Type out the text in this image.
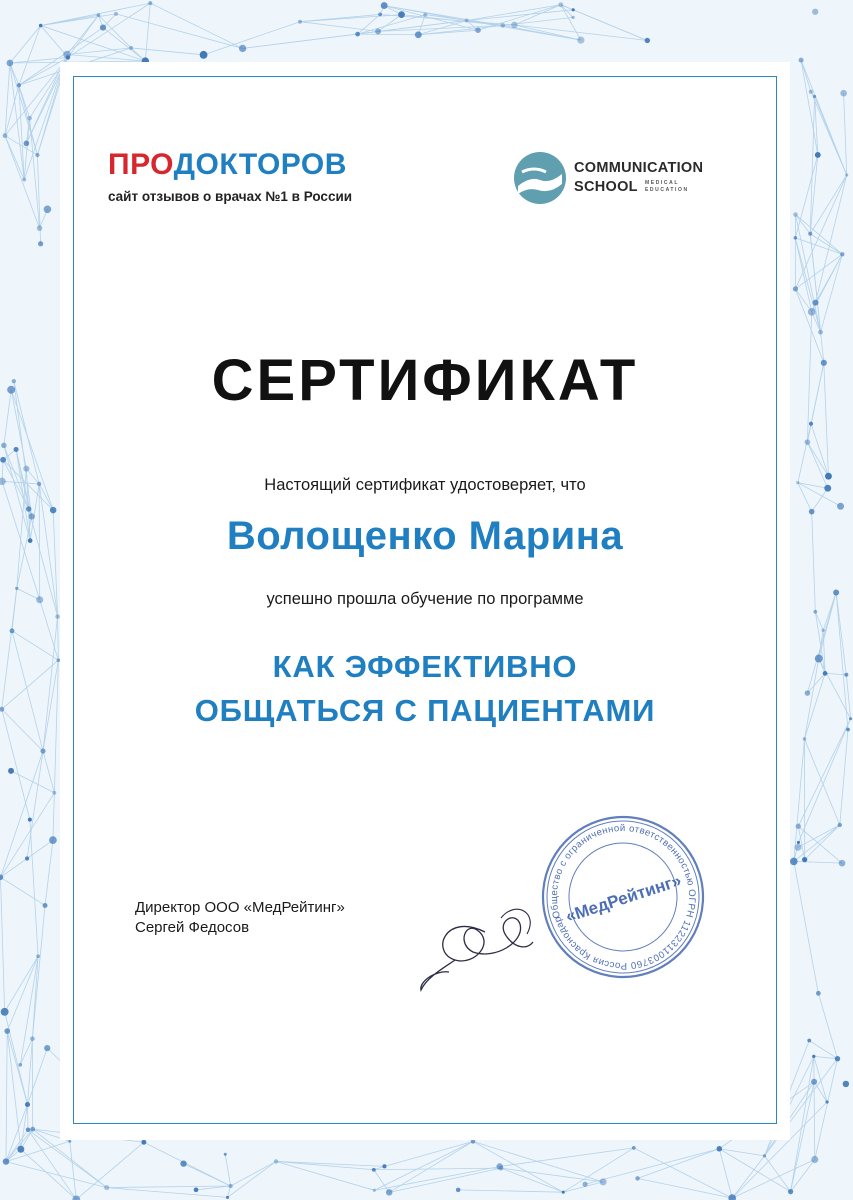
ПРОДОКТОРОВ
сайт отзывов о врачах №1 в России
COMMUNICATION
SCHOOL MEDICAL
EDUCATION
СЕРТИФИКАТ
Настоящий сертификат удостоверяет, что
Волощенко Марина
успешно прошла обучение по программе
КАК ЭФФЕКТИВНО
ОБЩАТЬСЯ С ПАЦИЕНТАМИ
Директор ООО «МедРейтинг»
Сергей Федосов
Общество с ограниченной ответственностью ОГРН 1122311003760 Россия Краснодарский
«МедРейтинг»
